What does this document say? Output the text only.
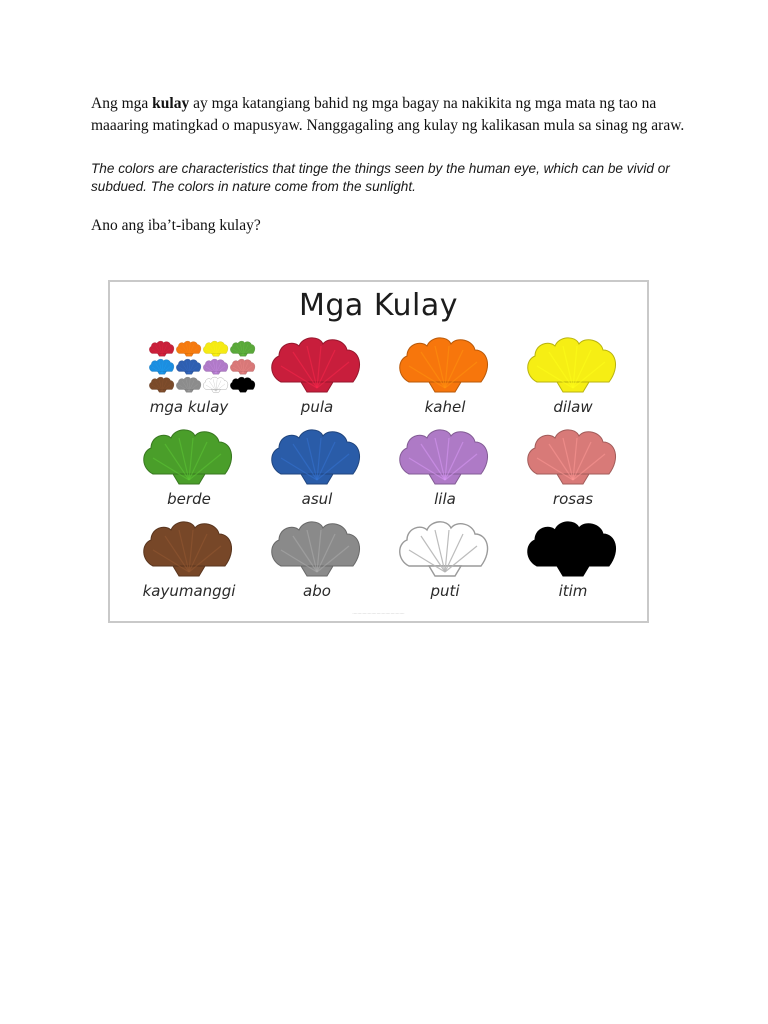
Ang mga kulay ay mga katangiang bahid ng mga bagay na nakikita ng mga mata ng tao na maaaring matingkad o mapusyaw. Nanggagaling ang kulay ng kalikasan mula sa sinag ng araw.
The colors are characteristics that tinge the things seen by the human eye, which can be vivid or subdued. The colors in nature come from the sunlight.
Ano ang iba’t-ibang kulay?
Mga Kulay
mga kulay	pula	kahel	dilaw
berde	asul	lila	rosas
kayumanggi	abo	puti	itim
·········································
